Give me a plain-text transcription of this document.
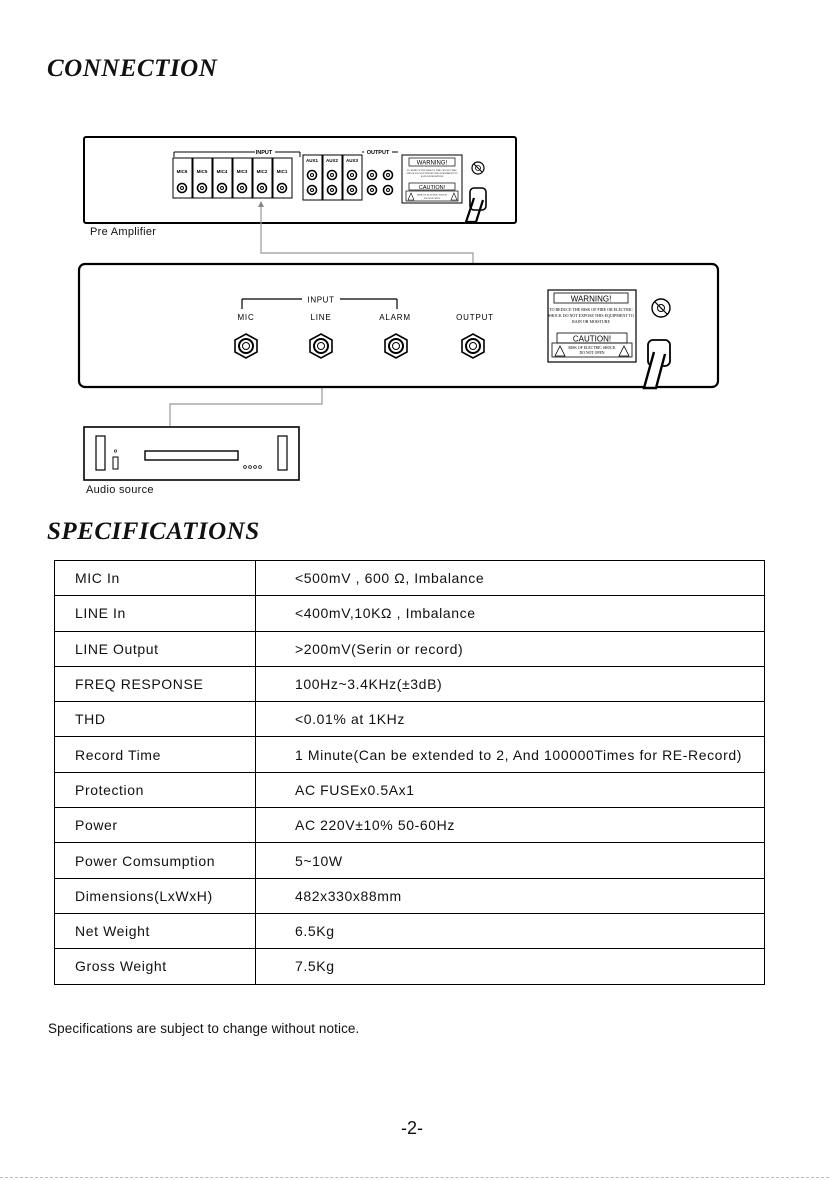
CONNECTION
INPUT	OUTPUT
MIC6 MIC5 MIC4 MIC3 MIC2 MIC1
AUX1 AUX2 AUX3	WARNING!
TO REDUCE THE RISK OF FIRE OR ELECTRIC
SHOCK DO NOT EXPOSE THIS EQUIPMENT TO
RAIN OR MOISTURE
CAUTION!
RISK OF ELECTRIC SHOCK
DO NOT OPEN
INPUT
MIC	LINE	ALARM	OUTPUT
WARNING!
TO REDUCE THE RISK OF FIRE OR ELECTRIC
SHOCK DO NOT EXPOSE THIS EQUIPMENT TO
RAIN OR MOISTURE
CAUTION!
RISK OF ELECTRIC SHOCK
DO NOT OPEN
Pre Amplifier
Audio source
SPECIFICATIONS
MIC In	<500mV , 600 Ω, Imbalance
LINE In	<400mV,10KΩ , Imbalance
LINE Output	>200mV(Serin or record)
FREQ RESPONSE	100Hz~3.4KHz(±3dB)
THD	<0.01% at 1KHz
Record Time	1 Minute(Can be extended to 2, And 100000Times for RE-Record)
Protection	AC FUSEx0.5Ax1
Power	AC 220V±10% 50-60Hz
Power Comsumption	5~10W
Dimensions(LxWxH)	482x330x88mm
Net Weight	6.5Kg
Gross Weight	7.5Kg
Specifications are subject to change without notice.
-2-
